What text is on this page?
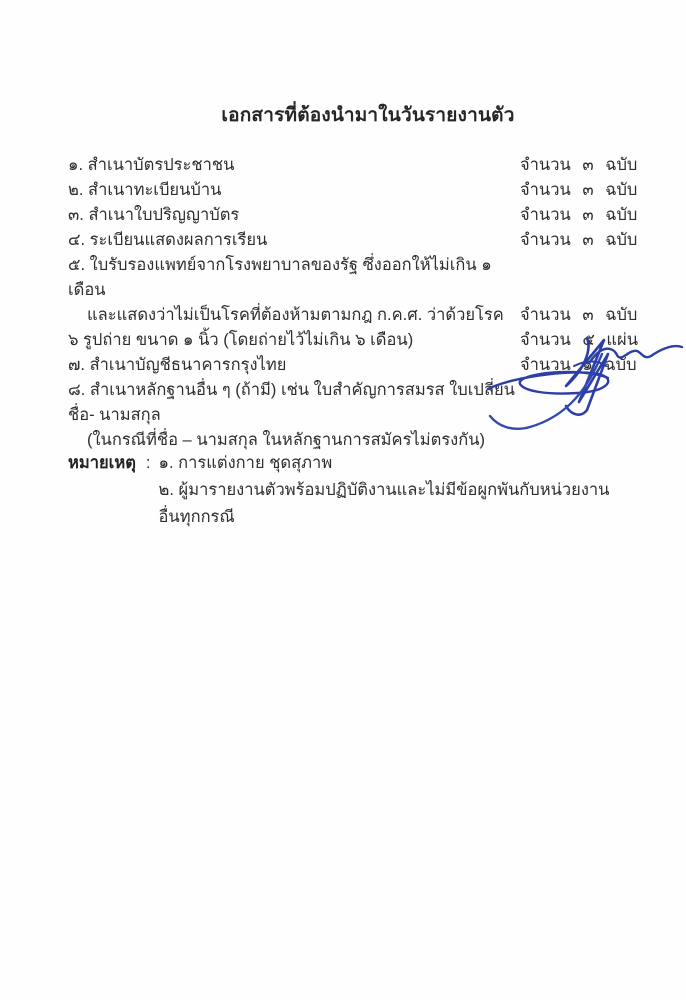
เอกสารที่ต้องนำมาในวันรายงานตัว
๑. สำเนาบัตรประชาชน	จำนวน ๓ ฉบับ
๒. สำเนาทะเบียนบ้าน	จำนวน ๓ ฉบับ
๓. สำเนาใบปริญญาบัตร	จำนวน ๓ ฉบับ
๔. ระเบียนแสดงผลการเรียน	จำนวน ๓ ฉบับ
๕. ใบรับรองแพทย์จากโรงพยาบาลของรัฐ ซึ่งออกให้ไม่เกิน ๑ เดือน
และแสดงว่าไม่เป็นโรคที่ต้องห้ามตามกฎ ก.ค.ศ. ว่าด้วยโรค จำนวน ๓ ฉบับ
๖ รูปถ่าย ขนาด ๑ นิ้ว (โดยถ่ายไว้ไม่เกิน ๖ เดือน)	จำนวน ๕ แผ่น
๗. สำเนาบัญชีธนาคารกรุงไทย	จำนวน ๑ ฉบับ
๘. สำเนาหลักฐานอื่น ๆ (ถ้ามี) เช่น ใบสำคัญการสมรส ใบเปลี่ยนชื่อ- นามสกุล
(ในกรณีที่ชื่อ – นามสกุล ในหลักฐานการสมัครไม่ตรงกัน)
หมายเหตุ : ๑. การแต่งกาย ชุดสุภาพ
๒. ผู้มารายงานตัวพร้อมปฏิบัติงานและไม่มีข้อผูกพันกับหน่วยงานอื่นทุกกรณี
